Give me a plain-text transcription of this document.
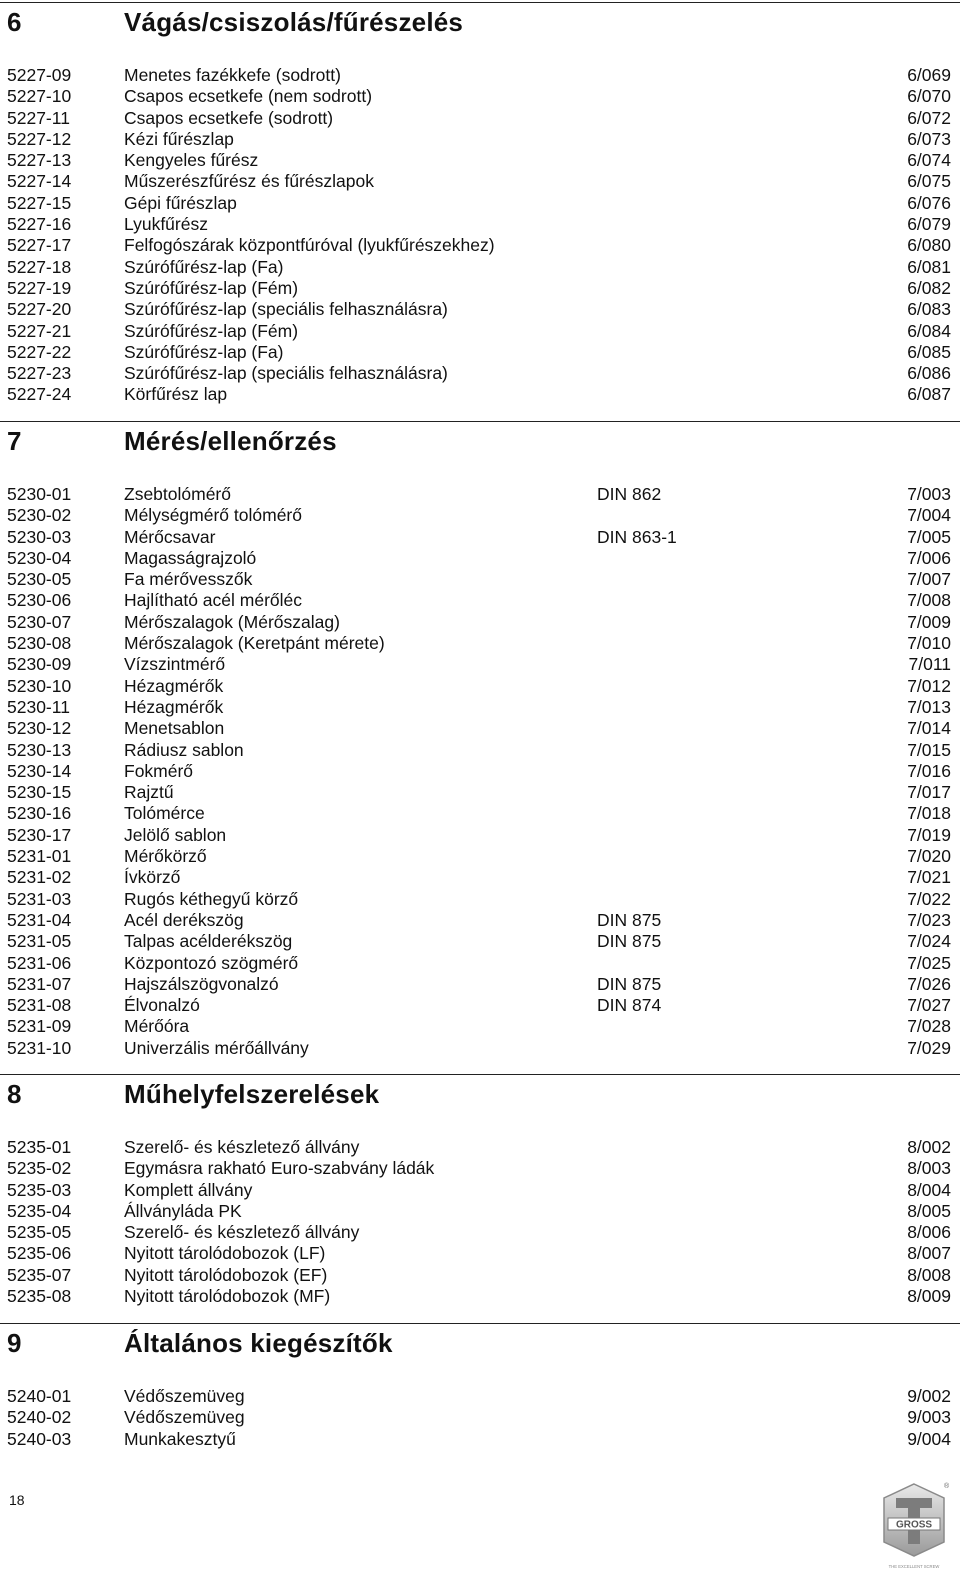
6	Vágás/csiszolás/fűrészelés
5227-09	Menetes fazékkefe (sodrott)	6/069
5227-10	Csapos ecsetkefe (nem sodrott)	6/070
5227-11	Csapos ecsetkefe (sodrott)	6/072
5227-12	Kézi fűrészlap	6/073
5227-13	Kengyeles fűrész	6/074
5227-14	Műszerészfűrész és fűrészlapok	6/075
5227-15	Gépi fűrészlap	6/076
5227-16	Lyukfűrész	6/079
5227-17	Felfogószárak központfúróval (lyukfűrészekhez)	6/080
5227-18	Szúrófűrész-lap (Fa)	6/081
5227-19	Szúrófűrész-lap (Fém)	6/082
5227-20	Szúrófűrész-lap (speciális felhasználásra)	6/083
5227-21	Szúrófűrész-lap (Fém)	6/084
5227-22	Szúrófűrész-lap (Fa)	6/085
5227-23	Szúrófűrész-lap (speciális felhasználásra)	6/086
5227-24	Körfűrész lap	6/087
7	Mérés/ellenőrzés
5230-01	Zsebtolómérő	DIN 862	7/003
5230-02	Mélységmérő tolómérő	7/004
5230-03	Mérőcsavar	DIN 863-1	7/005
5230-04	Magasságrajzoló	7/006
5230-05	Fa mérővesszők	7/007
5230-06	Hajlítható acél mérőléc	7/008
5230-07	Mérőszalagok (Mérőszalag)	7/009
5230-08	Mérőszalagok (Keretpánt mérete)	7/010
5230-09	Vízszintmérő	7/011
5230-10	Hézagmérők	7/012
5230-11	Hézagmérők	7/013
5230-12	Menetsablon	7/014
5230-13	Rádiusz sablon	7/015
5230-14	Fokmérő	7/016
5230-15	Rajztű	7/017
5230-16	Tolómérce	7/018
5230-17	Jelölő sablon	7/019
5231-01	Mérőkörző	7/020
5231-02	Ívkörző	7/021
5231-03	Rugós kéthegyű körző	7/022
5231-04	Acél derékszög	DIN 875	7/023
5231-05	Talpas acélderékszög	DIN 875	7/024
5231-06	Központozó szögmérő	7/025
5231-07	Hajszálszögvonalzó	DIN 875	7/026
5231-08	Élvonalzó	DIN 874	7/027
5231-09	Mérőóra	7/028
5231-10	Univerzális mérőállvány	7/029
8	Műhelyfelszerelések
5235-01	Szerelő- és készletező állvány	8/002
5235-02	Egymásra rakható Euro-szabvány ládák	8/003
5235-03	Komplett állvány	8/004
5235-04	Állványláda PK	8/005
5235-05	Szerelő- és készletező állvány	8/006
5235-06	Nyitott tárolódobozok (LF)	8/007
5235-07	Nyitott tárolódobozok (EF)	8/008
5235-08	Nyitott tárolódobozok (MF)	8/009
9	Általános kiegészítők
5240-01	Védőszemüveg	9/002
5240-02	Védőszemüveg	9/003
5240-03	Munkakesztyű	9/004
18
GROSS
®
THE EXCELLENT SCREW
